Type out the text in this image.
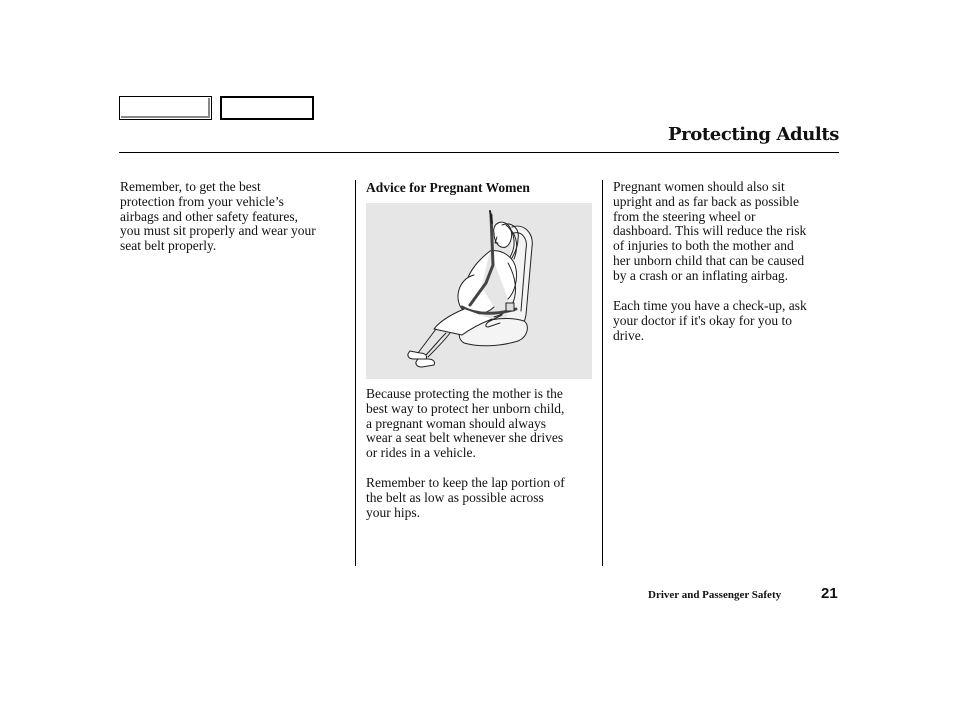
Protecting Adults

Remember, to get the best
protection from your vehicle’s
airbags and other safety features,
you must sit properly and wear your
seat belt properly.

Advice for Pregnant Women

Because protecting the mother is the
best way to protect her unborn child,
a pregnant woman should always
wear a seat belt whenever she drives
or rides in a vehicle.

Remember to keep the lap portion of
the belt as low as possible across
your hips.

Pregnant women should also sit
upright and as far back as possible
from the steering wheel or
dashboard. This will reduce the risk
of injuries to both the mother and
her unborn child that can be caused
by a crash or an inflating airbag.

Each time you have a check-up, ask
your doctor if it's okay for you to
drive.

Driver and Passenger Safety	21
